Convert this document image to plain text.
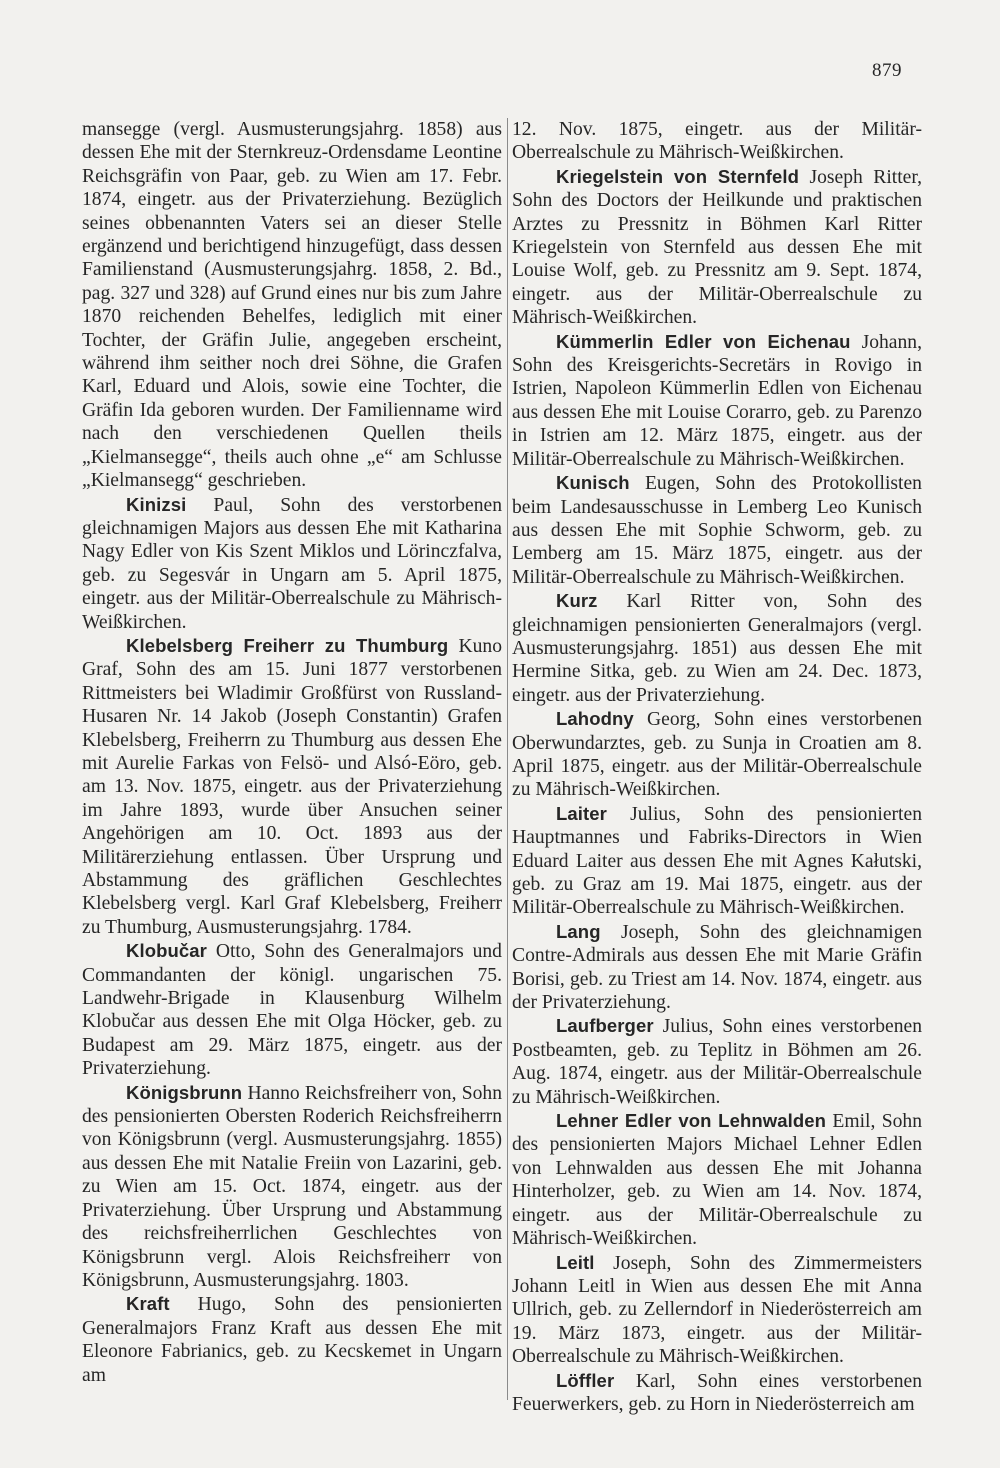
879

mansegge (vergl. Ausmusterungsjahrg. 1858) aus dessen Ehe mit der Sternkreuz-Ordensdame Leontine Reichsgräfin von Paar, geb. zu Wien am 17. Febr. 1874, eingetr. aus der Privaterziehung. Bezüglich seines obbenannten Vaters sei an dieser Stelle ergänzend und berichtigend hinzugefügt, dass dessen Familienstand (Ausmusterungsjahrg. 1858, 2. Bd., pag. 327 und 328) auf Grund eines nur bis zum Jahre 1870 reichenden Behelfes, lediglich mit einer Tochter, der Gräfin Julie, angegeben erscheint, während ihm seither noch drei Söhne, die Grafen Karl, Eduard und Alois, sowie eine Tochter, die Gräfin Ida geboren wurden. Der Familienname wird nach den verschiedenen Quellen theils „Kielmansegge“, theils auch ohne „e“ am Schlusse „Kielmansegg“ geschrieben.

Kinizsi Paul, Sohn des verstorbenen gleichnamigen Majors aus dessen Ehe mit Katharina Nagy Edler von Kis Szent Miklos und Lörinczfalva, geb. zu Segesvár in Ungarn am 5. April 1875, eingetr. aus der Militär-Oberrealschule zu Mährisch-Weißkirchen.

Klebelsberg Freiherr zu Thumburg Kuno Graf, Sohn des am 15. Juni 1877 verstorbenen Rittmeisters bei Wladimir Großfürst von Russland-Husaren Nr. 14 Jakob (Joseph Constantin) Grafen Klebelsberg, Freiherrn zu Thumburg aus dessen Ehe mit Aurelie Farkas von Felsö- und Alsó-Eöro, geb. am 13. Nov. 1875, eingetr. aus der Privaterziehung im Jahre 1893, wurde über Ansuchen seiner Angehörigen am 10. Oct. 1893 aus der Militärerziehung entlassen. Über Ursprung und Abstammung des gräflichen Geschlechtes Klebelsberg vergl. Karl Graf Klebelsberg, Freiherr zu Thumburg, Ausmusterungsjahrg. 1784.

Klobučar Otto, Sohn des Generalmajors und Commandanten der königl. ungarischen 75. Landwehr-Brigade in Klausenburg Wilhelm Klobučar aus dessen Ehe mit Olga Höcker, geb. zu Budapest am 29. März 1875, eingetr. aus der Privaterziehung.

Königsbrunn Hanno Reichsfreiherr von, Sohn des pensionierten Obersten Roderich Reichsfreiherrn von Königsbrunn (vergl. Ausmusterungsjahrg. 1855) aus dessen Ehe mit Natalie Freiin von Lazarini, geb. zu Wien am 15. Oct. 1874, eingetr. aus der Privaterziehung. Über Ursprung und Abstammung des reichsfreiherrlichen Geschlechtes von Königsbrunn vergl. Alois Reichsfreiherr von Königsbrunn, Ausmusterungsjahrg. 1803.

Kraft Hugo, Sohn des pensionierten Generalmajors Franz Kraft aus dessen Ehe mit Eleonore Fabrianics, geb. zu Kecskemet in Ungarn am

12. Nov. 1875, eingetr. aus der Militär-Oberrealschule zu Mährisch-Weißkirchen.

Kriegelstein von Sternfeld Joseph Ritter, Sohn des Doctors der Heilkunde und praktischen Arztes zu Pressnitz in Böhmen Karl Ritter Kriegelstein von Sternfeld aus dessen Ehe mit Louise Wolf, geb. zu Pressnitz am 9. Sept. 1874, eingetr. aus der Militär-Oberrealschule zu Mährisch-Weißkirchen.

Kümmerlin Edler von Eichenau Johann, Sohn des Kreisgerichts-Secretärs in Rovigo in Istrien, Napoleon Kümmerlin Edlen von Eichenau aus dessen Ehe mit Louise Corarro, geb. zu Parenzo in Istrien am 12. März 1875, eingetr. aus der Militär-Oberrealschule zu Mährisch-Weißkirchen.

Kunisch Eugen, Sohn des Protokollisten beim Landesausschusse in Lemberg Leo Kunisch aus dessen Ehe mit Sophie Schworm, geb. zu Lemberg am 15. März 1875, eingetr. aus der Militär-Oberrealschule zu Mährisch-Weißkirchen.

Kurz Karl Ritter von, Sohn des gleichnamigen pensionierten Generalmajors (vergl. Ausmusterungsjahrg. 1851) aus dessen Ehe mit Hermine Sitka, geb. zu Wien am 24. Dec. 1873, eingetr. aus der Privaterziehung.

Lahodny Georg, Sohn eines verstorbenen Oberwundarztes, geb. zu Sunja in Croatien am 8. April 1875, eingetr. aus der Militär-Oberrealschule zu Mährisch-Weißkirchen.

Laiter Julius, Sohn des pensionierten Hauptmannes und Fabriks-Directors in Wien Eduard Laiter aus dessen Ehe mit Agnes Kałutski, geb. zu Graz am 19. Mai 1875, eingetr. aus der Militär-Oberrealschule zu Mährisch-Weißkirchen.

Lang Joseph, Sohn des gleichnamigen Contre-Admirals aus dessen Ehe mit Marie Gräfin Borisi, geb. zu Triest am 14. Nov. 1874, eingetr. aus der Privaterziehung.

Laufberger Julius, Sohn eines verstorbenen Postbeamten, geb. zu Teplitz in Böhmen am 26. Aug. 1874, eingetr. aus der Militär-Oberrealschule zu Mährisch-Weißkirchen.

Lehner Edler von Lehnwalden Emil, Sohn des pensionierten Majors Michael Lehner Edlen von Lehnwalden aus dessen Ehe mit Johanna Hinterholzer, geb. zu Wien am 14. Nov. 1874, eingetr. aus der Militär-Oberrealschule zu Mährisch-Weißkirchen.

Leitl Joseph, Sohn des Zimmermeisters Johann Leitl in Wien aus dessen Ehe mit Anna Ullrich, geb. zu Zellerndorf in Niederösterreich am 19. März 1873, eingetr. aus der Militär-Oberrealschule zu Mährisch-Weißkirchen.

Löffler Karl, Sohn eines verstorbenen Feuerwerkers, geb. zu Horn in Niederösterreich am
